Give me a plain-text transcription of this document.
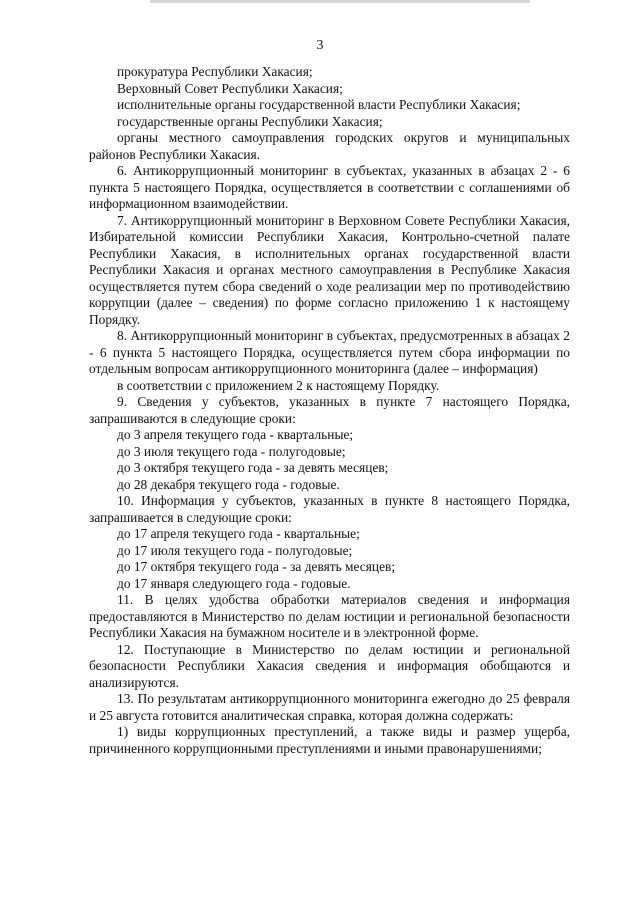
3

прокуратура Республики Хакасия;

Верховный Совет Республики Хакасия;

исполнительные органы государственной власти Республики Хакасия;

государственные органы Республики Хакасия;

органы местного самоуправления городских округов и муниципальных районов Республики Хакасия.

6. Антикоррупционный мониторинг в субъектах, указанных в абзацах 2 - 6 пункта 5 настоящего Порядка, осуществляется в соответствии с соглашениями об информационном взаимодействии.

7. Антикоррупционный мониторинг в Верховном Совете Республики Хакасия, Избирательной комиссии Республики Хакасия, Контрольно-счетной палате Республики Хакасия, в исполнительных органах государственной власти Республики Хакасия и органах местного самоуправления в Республике Хакасия осуществляется путем сбора сведений о ходе реализации мер по противодействию коррупции (далее – сведения) по форме согласно приложению 1 к настоящему Порядку.

8. Антикоррупционный мониторинг в субъектах, предусмотренных в абзацах 2 - 6 пункта 5 настоящего Порядка, осуществляется путем сбора информации по отдельным вопросам антикоррупционного мониторинга (далее – информация)

в соответствии с приложением 2 к настоящему Порядку.

9. Сведения у субъектов, указанных в пункте 7 настоящего Порядка, запрашиваются в следующие сроки:

до 3 апреля текущего года - квартальные;

до 3 июля текущего года - полугодовые;

до 3 октября текущего года - за девять месяцев;

до 28 декабря текущего года - годовые.

10. Информация у субъектов, указанных в пункте 8 настоящего Порядка, запрашивается в следующие сроки:

до 17 апреля текущего года - квартальные;

до 17 июля текущего года - полугодовые;

до 17 октября текущего года - за девять месяцев;

до 17 января следующего года - годовые.

11. В целях удобства обработки материалов сведения и информация предоставляются в Министерство по делам юстиции и региональной безопасности Республики Хакасия на бумажном носителе и в электронной форме.

12. Поступающие в Министерство по делам юстиции и региональной безопасности Республики Хакасия сведения и информация обобщаются и анализируются.

13. По результатам антикоррупционного мониторинга ежегодно до 25 февраля и 25 августа готовится аналитическая справка, которая должна содержать:

1) виды коррупционных преступлений, а также виды и размер ущерба, причиненного коррупционными преступлениями и иными правонарушениями;
